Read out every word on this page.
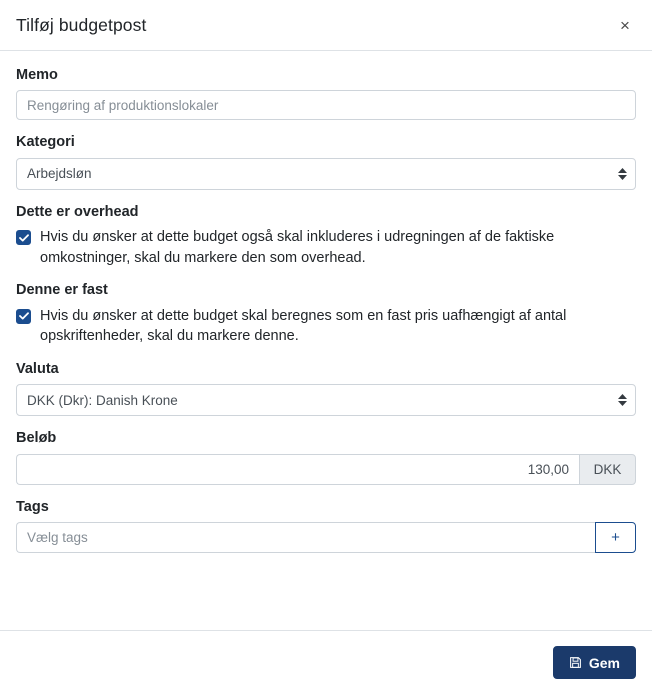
Tilføj budgetpost	×
Memo
Rengøring af produktionslokaler
Kategori
Arbejdsløn
Dette er overhead
Hvis du ønsker at dette budget også skal inkluderes i udregningen af de faktiske omkostninger, skal du markere den som overhead.
Denne er fast
Hvis du ønsker at dette budget skal beregnes som en fast pris uafhængigt af antal opskriftenheder, skal du markere denne.
Valuta
DKK (Dkr): Danish Krone
Beløb
130,00
DKK
Tags
Vælg tags
+
Gem
